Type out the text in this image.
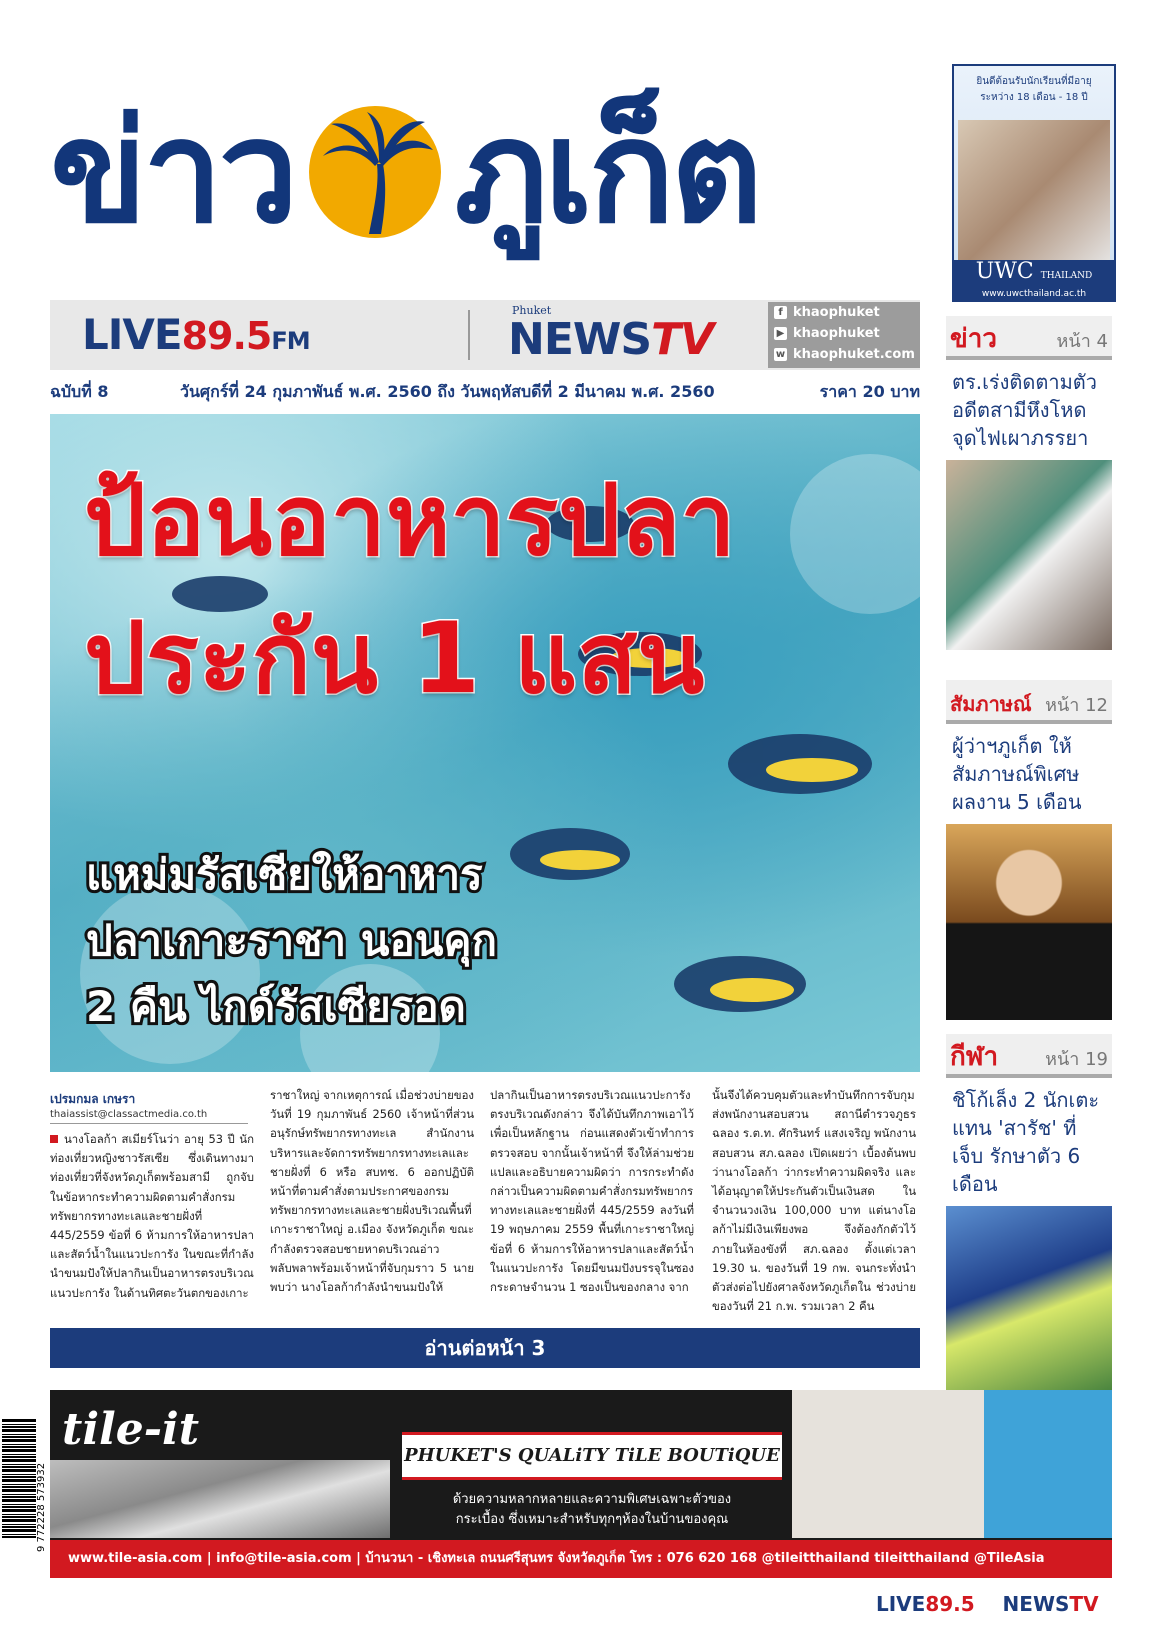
ข่าว ภูเก็ต
ยินดีต้อนรับนักเรียนที่มีอายุ ระหว่าง 18 เดือน - 18 ปี
UWC THAILAND
www.uwcthailand.ac.th
LIVE89.5FM
Phuket
NEWSTV
f khaophuket
▶ khaophuket
w khaophuket.com
ฉบับที่ 8	วันศุกร์ที่ 24 กุมภาพันธ์ พ.ศ. 2560 ถึง วันพฤหัสบดีที่ 2 มีนาคม พ.ศ. 2560	ราคา 20 บาท
ป้อนอาหารปลา
ประกัน 1 แสน
แหม่มรัสเซียให้อาหาร
ปลาเกาะราชา นอนคุก
2 คืน ไกด์รัสเซียรอด
เปรมกมล เกษรา
thaiassist@classactmedia.co.th

นางโอลก้า สเมียร์โนว่า อายุ 53 ปี นักท่องเที่ยวหญิงชาวรัสเซีย ซึ่งเดินทางมาท่องเที่ยวที่จังหวัดภูเก็ตพร้อมสามี ถูกจับในข้อหากระทำความผิดตามคำสั่งกรมทรัพยากรทางทะเลและชายฝั่งที่ 445/2559 ข้อที่ 6 ห้ามการให้อาหารปลาและสัตว์น้ำในแนวปะการัง ในขณะที่กำลังนำขนมปังให้ปลากินเป็นอาหารตรงบริเวณแนวปะการัง ในด้านทิศตะวันตกของเกาะ

ราชาใหญ่ จากเหตุการณ์ เมื่อช่วงบ่ายของวันที่ 19 กุมภาพันธ์ 2560 เจ้าหน้าที่ส่วนอนุรักษ์ทรัพยากรทางทะเล สำนักงานบริหารและจัดการทรัพยากรทางทะเลและชายฝั่งที่ 6 หรือ สบทช. 6 ออกปฏิบัติหน้าที่ตามคำสั่งตามประกาศของกรมทรัพยากรทางทะเลและชายฝั่งบริเวณพื้นที่เกาะราชาใหญ่ อ.เมือง จังหวัดภูเก็ต ขณะกำลังตรวจสอบชายหาดบริเวณอ่าวพลับพลาพร้อมเจ้าหน้าที่จับกุมราว 5 นาย พบว่า นางโอลก้ากำลังนำขนมปังให้

ปลากินเป็นอาหารตรงบริเวณแนวปะการังตรงบริเวณดังกล่าว จึงได้บันทึกภาพเอาไว้เพื่อเป็นหลักฐาน ก่อนแสดงตัวเข้าทำการตรวจสอบ จากนั้นเจ้าหน้าที่ จึงให้ล่ามช่วยแปลและอธิบายความผิดว่า การกระทำดังกล่าวเป็นความผิดตามคำสั่งกรมทรัพยากรทางทะเลและชายฝั่งที่ 445/2559 ลงวันที่ 19 พฤษภาคม 2559 พื้นที่เกาะราชาใหญ่ ข้อที่ 6 ห้ามการให้อาหารปลาและสัตว์น้ำในแนวปะการัง โดยมีขนมปังบรรจุในซองกระดาษจำนวน 1 ซองเป็นของกลาง จาก

นั้นจึงได้ควบคุมตัวและทำบันทึกการจับกุมส่งพนักงานสอบสวน สถานีตำรวจภูธรฉลอง ร.ต.ท. ศักรินทร์ แสงเจริญ พนักงานสอบสวน สภ.ฉลอง เปิดเผยว่า เบื้องต้นพบว่านางโอลก้า ว่ากระทำความผิดจริง และได้อนุญาตให้ประกันตัวเป็นเงินสด ในจำนวนวงเงิน 100,000 บาท แต่นางโอลก้าไม่มีเงินเพียงพอ จึงต้องกักตัวไว้ภายในห้องขังที่ สภ.ฉลอง ตั้งแต่เวลา 19.30 น. ของวันที่ 19 กพ. จนกระทั่งนำตัวส่งต่อไปยังศาลจังหวัดภูเก็ตใน ช่วงบ่ายของวันที่ 21 ก.พ. รวมเวลา 2 คืน

อ่านต่อหน้า 3
ข่าว	หน้า 4
ตร.เร่งติดตามตัว อดีตสามีหึงโหด จุดไฟเผาภรรยา
สัมภาษณ์ หน้า 12
ผู้ว่าฯภูเก็ต ให้ สัมภาษณ์พิเศษ ผลงาน 5 เดือน
กีฬา	หน้า 19
ชิโก้เล็ง 2 นักเตะ แทน 'สารัช' ที่เจ็บ รักษาตัว 6 เดือน
tile-it
PHUKET'S QUALiTY TiLE BOUTiQUE
ด้วยความหลากหลายและความพิเศษเฉพาะตัวของ
กระเบื้อง ซึ่งเหมาะสำหรับทุกๆห้องในบ้านของคุณ
www.tile-asia.com | info@tile-asia.com | บ้านวนา - เชิงทะเล ถนนศรีสุนทร จังหวัดภูเก็ต โทร : 076 620 168 @tileitthailand tileitthailand @TileAsia
9 772228 573932
LIVE89.5 NEWSTV
